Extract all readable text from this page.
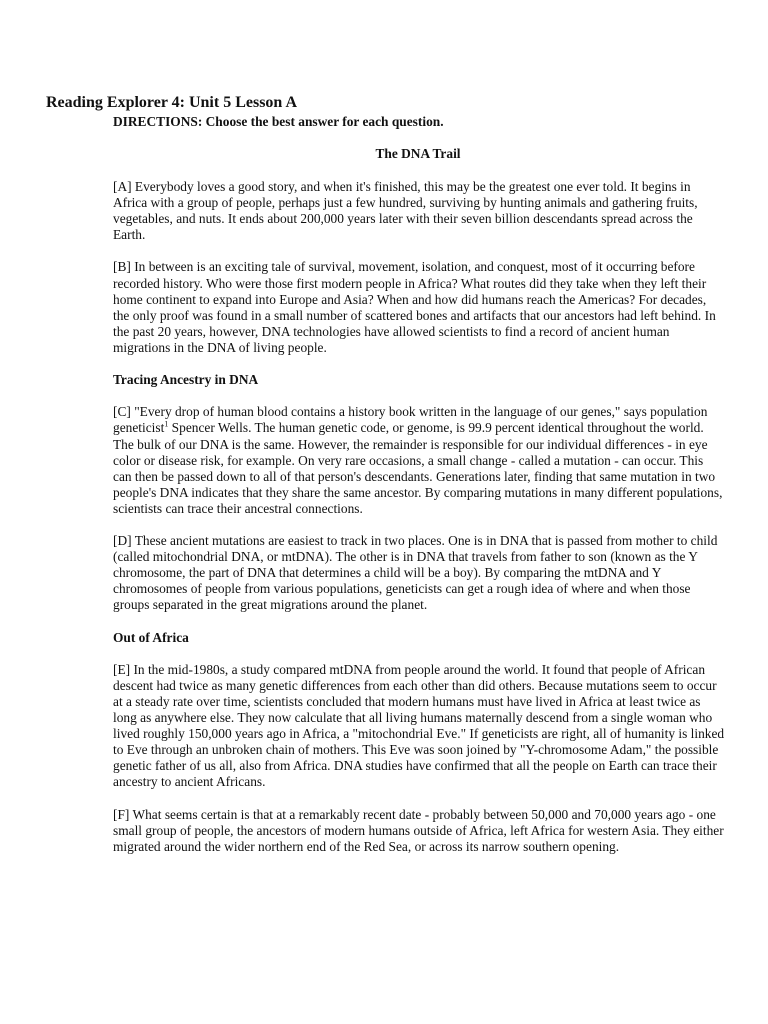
Reading Explorer 4: Unit 5 Lesson A
DIRECTIONS: Choose the best answer for each question.
The DNA Trail

[A] Everybody loves a good story, and when it's finished, this may be the greatest one ever told. It begins in Africa with a group of people, perhaps just a few hundred, surviving by hunting animals and gathering fruits, vegetables, and nuts. It ends about 200,000 years later with their seven billion descendants spread across the Earth.

[B] In between is an exciting tale of survival, movement, isolation, and conquest, most of it occurring before recorded history. Who were those first modern people in Africa? What routes did they take when they left their home continent to expand into Europe and Asia? When and how did humans reach the Americas? For decades, the only proof was found in a small number of scattered bones and artifacts that our ancestors had left behind. In the past 20 years, however, DNA technologies have allowed scientists to find a record of ancient human migrations in the DNA of living people.

Tracing Ancestry in DNA

[C] "Every drop of human blood contains a history book written in the language of our genes," says population geneticist$^1$ Spencer Wells. The human genetic code, or genome, is 99.9 percent identical throughout the world. The bulk of our DNA is the same. However, the remainder is responsible for our individual differences - in eye color or disease risk, for example. On very rare occasions, a small change - called a mutation - can occur. This can then be passed down to all of that person's descendants. Generations later, finding that same mutation in two people's DNA indicates that they share the same ancestor. By comparing mutations in many different populations, scientists can trace their ancestral connections.

[D] These ancient mutations are easiest to track in two places. One is in DNA that is passed from mother to child (called mitochondrial DNA, or mtDNA). The other is in DNA that travels from father to son (known as the Y chromosome, the part of DNA that determines a child will be a boy). By comparing the mtDNA and Y chromosomes of people from various populations, geneticists can get a rough idea of where and when those groups separated in the great migrations around the planet.

Out of Africa

[E] In the mid-1980s, a study compared mtDNA from people around the world. It found that people of African descent had twice as many genetic differences from each other than did others. Because mutations seem to occur at a steady rate over time, scientists concluded that modern humans must have lived in Africa at least twice as long as anywhere else. They now calculate that all living humans maternally descend from a single woman who lived roughly 150,000 years ago in Africa, a "mitochondrial Eve." If geneticists are right, all of humanity is linked to Eve through an unbroken chain of mothers. This Eve was soon joined by "Y-chromosome Adam," the possible genetic father of us all, also from Africa. DNA studies have confirmed that all the people on Earth can trace their ancestry to ancient Africans.

[F] What seems certain is that at a remarkably recent date - probably between 50,000 and 70,000 years ago - one small group of people, the ancestors of modern humans outside of Africa, left Africa for western Asia. They either migrated around the wider northern end of the Red Sea, or across its narrow southern opening.
